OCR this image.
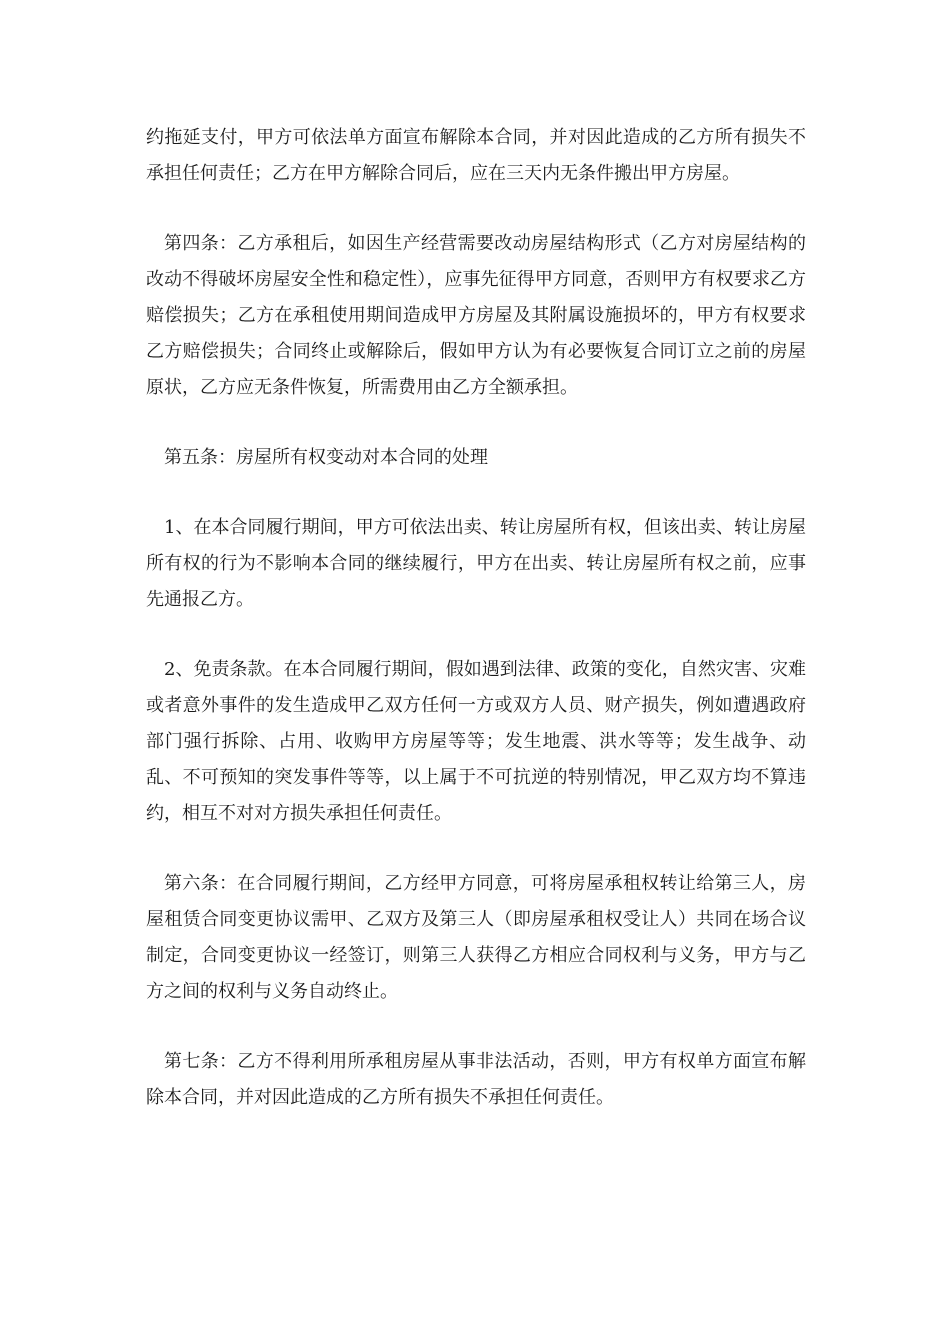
约拖延支付，甲方可依法单方面宣布解除本合同，并对因此造成的乙方所有损失不承担任何责任；乙方在甲方解除合同后，应在三天内无条件搬出甲方房屋。

第四条：乙方承租后，如因生产经营需要改动房屋结构形式（乙方对房屋结构的改动不得破坏房屋安全性和稳定性），应事先征得甲方同意，否则甲方有权要求乙方赔偿损失；乙方在承租使用期间造成甲方房屋及其附属设施损坏的，甲方有权要求乙方赔偿损失；合同终止或解除后，假如甲方认为有必要恢复合同订立之前的房屋原状，乙方应无条件恢复，所需费用由乙方全额承担。

第五条：房屋所有权变动对本合同的处理

1、在本合同履行期间，甲方可依法出卖、转让房屋所有权，但该出卖、转让房屋所有权的行为不影响本合同的继续履行，甲方在出卖、转让房屋所有权之前，应事先通报乙方。

2、免责条款。在本合同履行期间，假如遇到法律、政策的变化，自然灾害、灾难或者意外事件的发生造成甲乙双方任何一方或双方人员、财产损失，例如遭遇政府部门强行拆除、占用、收购甲方房屋等等；发生地震、洪水等等；发生战争、动乱、不可预知的突发事件等等，以上属于不可抗逆的特别情况，甲乙双方均不算违约，相互不对对方损失承担任何责任。

第六条：在合同履行期间，乙方经甲方同意，可将房屋承租权转让给第三人，房屋租赁合同变更协议需甲、乙双方及第三人（即房屋承租权受让人）共同在场合议制定，合同变更协议一经签订，则第三人获得乙方相应合同权利与义务，甲方与乙方之间的权利与义务自动终止。

第七条：乙方不得利用所承租房屋从事非法活动，否则，甲方有权单方面宣布解除本合同，并对因此造成的乙方所有损失不承担任何责任。
